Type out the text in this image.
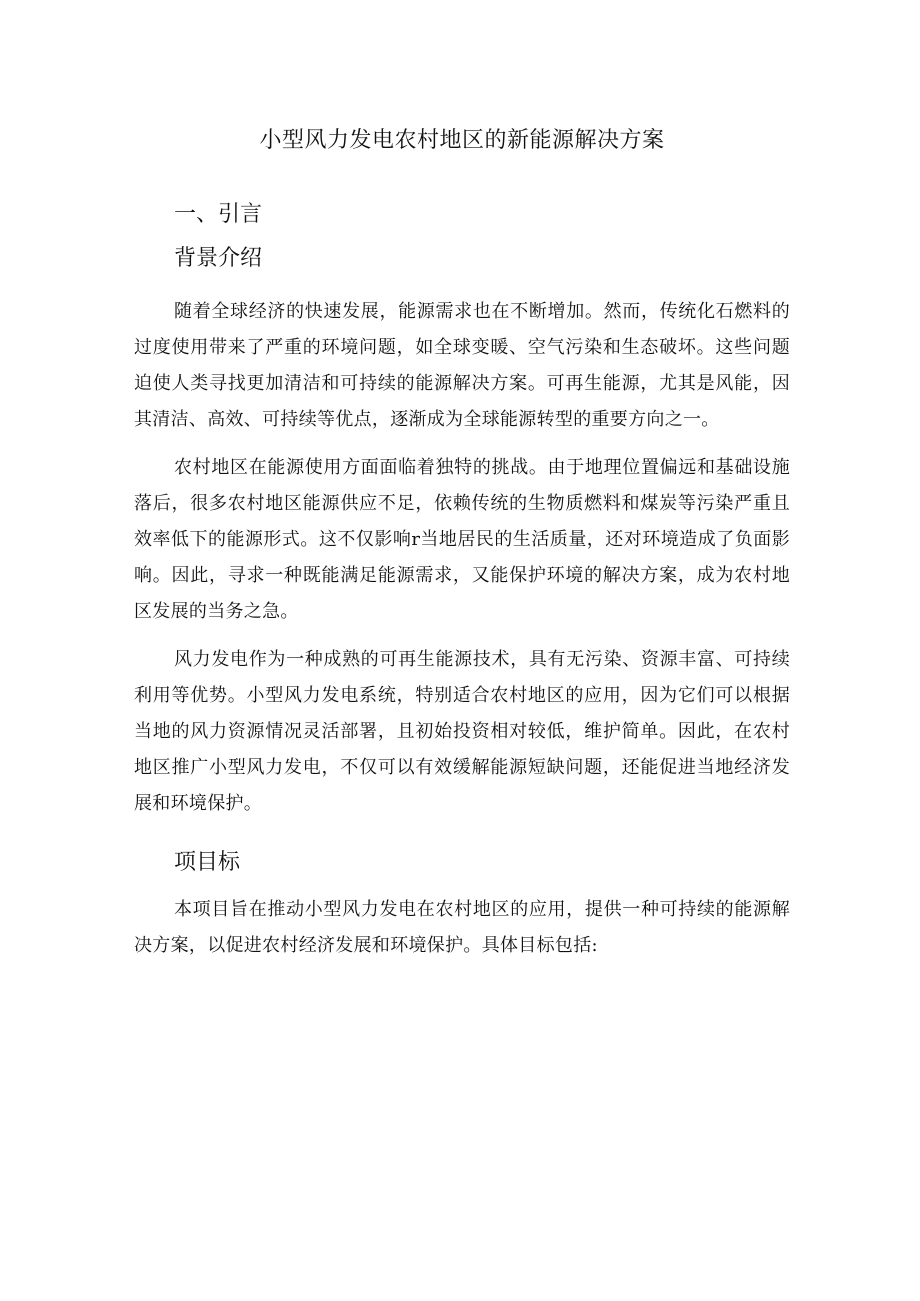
小型风力发电农村地区的新能源解决方案
一、引言
背景介绍

随着全球经济的快速发展，能源需求也在不断增加。然而，传统化石燃料的过度使用带来了严重的环境问题，如全球变暖、空气污染和生态破坏。这些问题迫使人类寻找更加清洁和可持续的能源解决方案。可再生能源，尤其是风能，因其清洁、高效、可持续等优点，逐渐成为全球能源转型的重要方向之一。

农村地区在能源使用方面面临着独特的挑战。由于地理位置偏远和基础设施落后，很多农村地区能源供应不足，依赖传统的生物质燃料和煤炭等污染严重且效率低下的能源形式。这不仅影响r当地居民的生活质量，还对环境造成了负面影响。因此，寻求一种既能满足能源需求，又能保护环境的解决方案，成为农村地区发展的当务之急。

风力发电作为一种成熟的可再生能源技术，具有无污染、资源丰富、可持续利用等优势。小型风力发电系统，特别适合农村地区的应用，因为它们可以根据当地的风力资源情况灵活部署，且初始投资相对较低，维护简单。因此，在农村地区推广小型风力发电，不仅可以有效缓解能源短缺问题，还能促进当地经济发展和环境保护。

项目标

本项目旨在推动小型风力发电在农村地区的应用，提供一种可持续的能源解决方案，以促进农村经济发展和环境保护。具体目标包括:
